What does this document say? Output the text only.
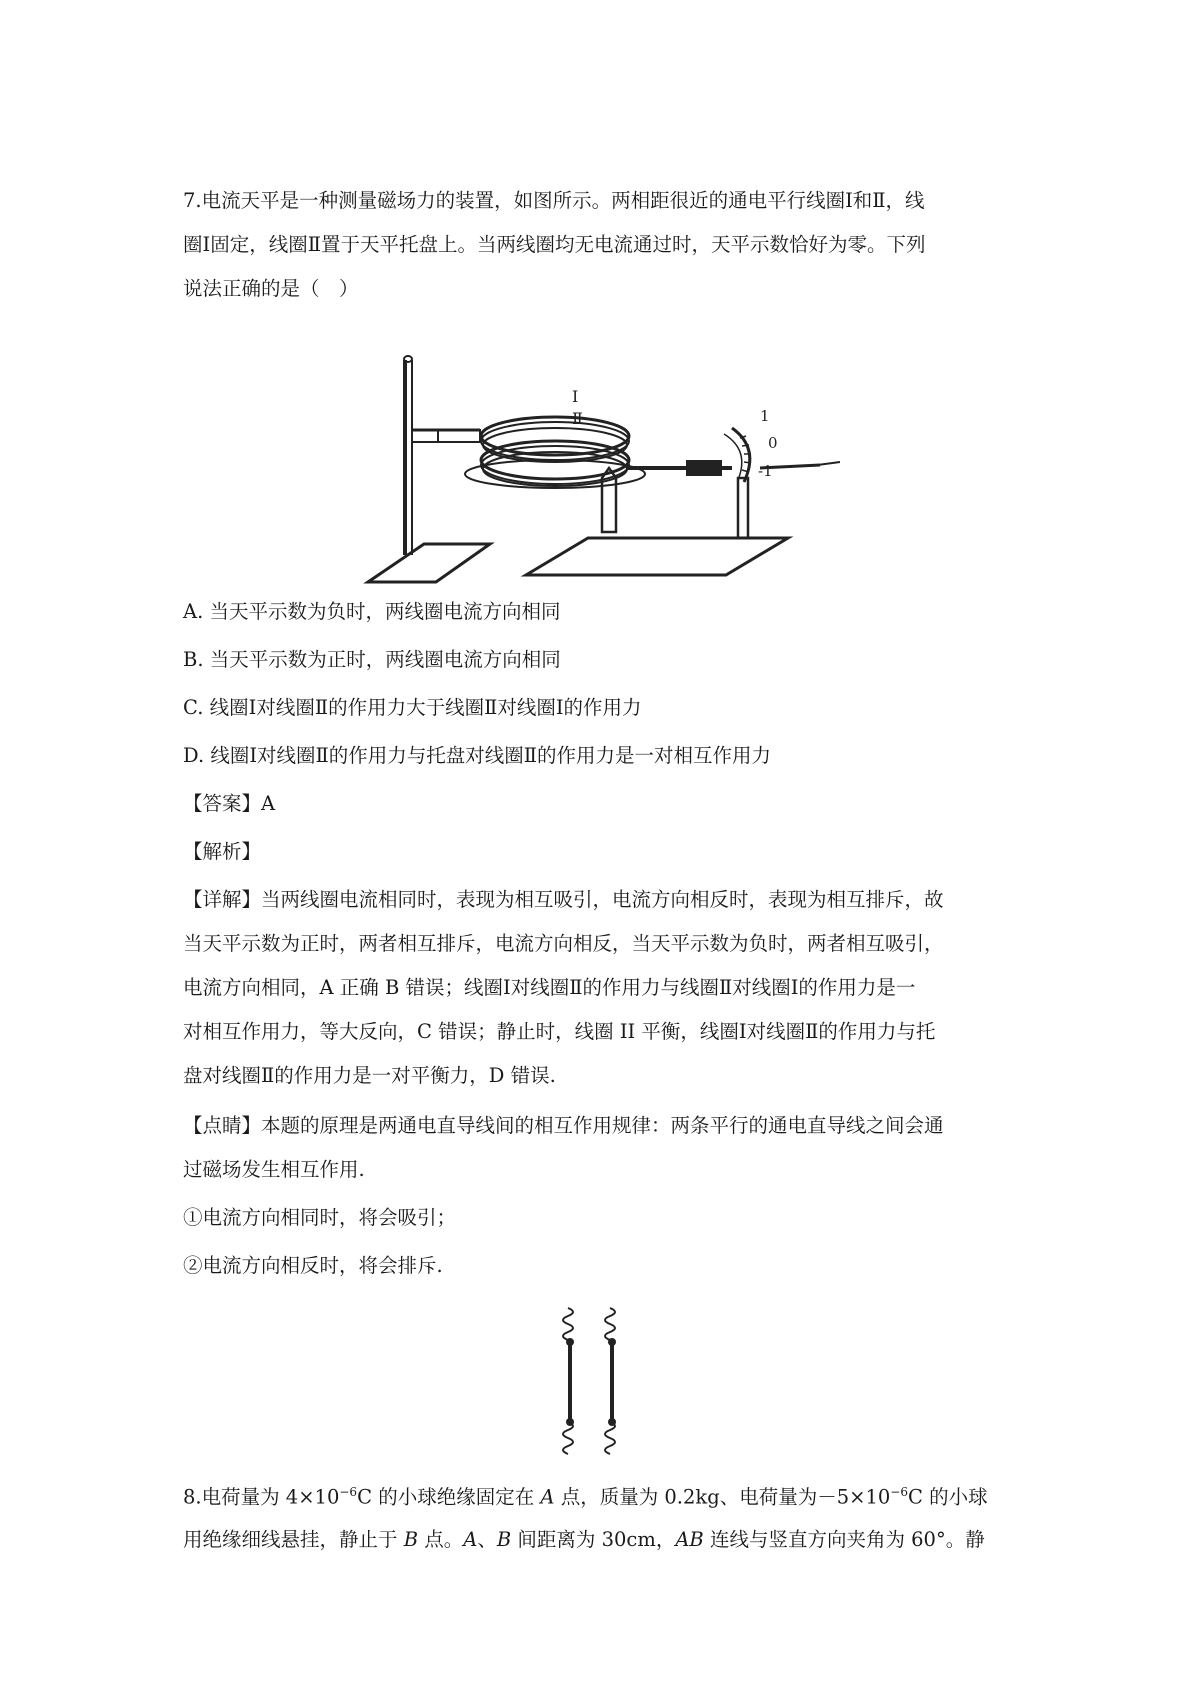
7.电流天平是一种测量磁场力的装置，如图所示。两相距很近的通电平行线圈Ⅰ和Ⅱ，线
圈Ⅰ固定，线圈Ⅱ置于天平托盘上。当两线圈均无电流通过时，天平示数恰好为零。下列
说法正确的是（　）
Ⅰ
Ⅱ	1
0
-1
A. 当天平示数为负时，两线圈电流方向相同
B. 当天平示数为正时，两线圈电流方向相同
C. 线圈Ⅰ对线圈Ⅱ的作用力大于线圈Ⅱ对线圈Ⅰ的作用力
D. 线圈Ⅰ对线圈Ⅱ的作用力与托盘对线圈Ⅱ的作用力是一对相互作用力
【答案】A
【解析】
【详解】当两线圈电流相同时，表现为相互吸引，电流方向相反时，表现为相互排斥，故
当天平示数为正时，两者相互排斥，电流方向相反，当天平示数为负时，两者相互吸引，
电流方向相同，A 正确 B 错误；线圈Ⅰ对线圈Ⅱ的作用力与线圈Ⅱ对线圈Ⅰ的作用力是一
对相互作用力，等大反向，C 错误；静止时，线圈 II 平衡，线圈Ⅰ对线圈Ⅱ的作用力与托
盘对线圈Ⅱ的作用力是一对平衡力，D 错误.
【点睛】本题的原理是两通电直导线间的相互作用规律：两条平行的通电直导线之间会通
过磁场发生相互作用.
①电流方向相同时，将会吸引；
②电流方向相反时，将会排斥.
8.电荷量为 $4\times 10^{-6}C$ 的小球绝缘固定在 A 点，质量为 0.2kg、电荷量为$-5\times 10^{-6}C$ 的小球
用绝缘细线悬挂，静止于 B 点。A、B 间距离为 30cm，AB 连线与竖直方向夹角为 60°。静
